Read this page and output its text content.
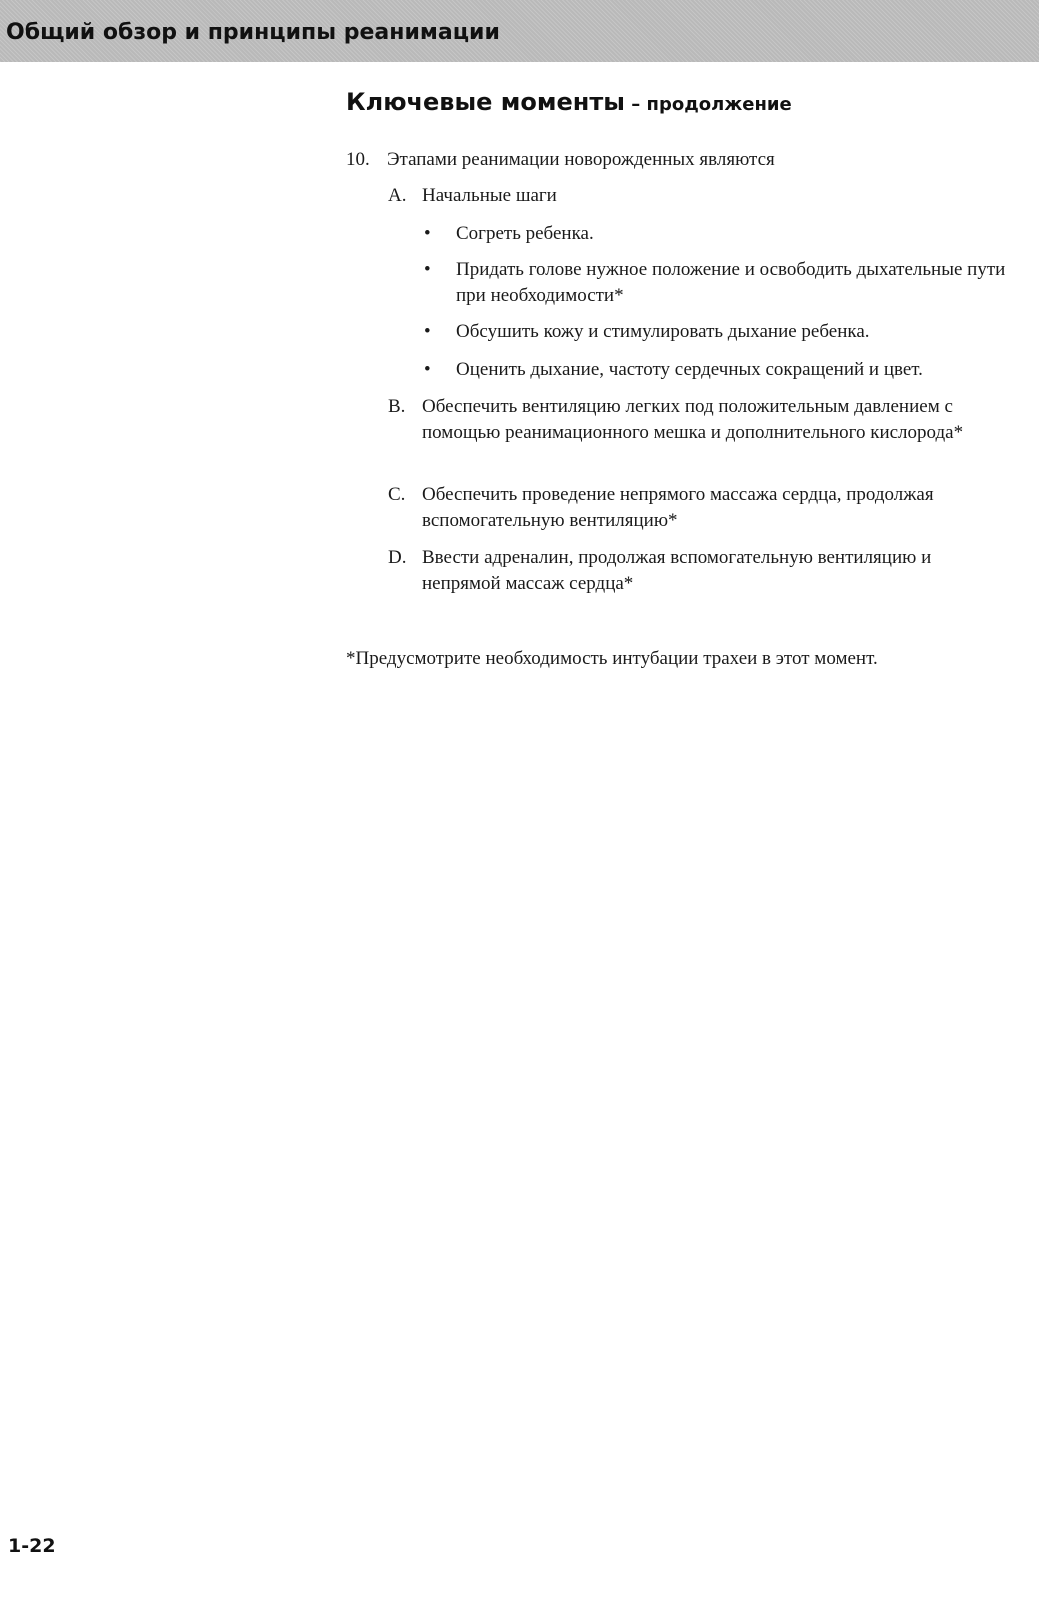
Общий обзор и принципы реанимации
Ключевые моменты – продолжение
10. Этапами реанимации новорожденных являются
A. Начальные шаги
• Согреть ребенка.
• Придать голове нужное положение и освободить дыхательные пути при необходимости*
• Обсушить кожу и стимулировать дыхание ребенка.
• Оценить дыхание, частоту сердечных сокращений и цвет.
B. Обеспечить вентиляцию легких под положительным давлением с помощью реанимационного мешка и дополнительного кислорода*
C. Обеспечить проведение непрямого массажа сердца, продолжая вспомогательную вентиляцию*
D. Ввести адреналин, продолжая вспомогательную вентиляцию и непрямой массаж сердца*
*Предусмотрите необходимость интубации трахеи в этот момент.
1-22
